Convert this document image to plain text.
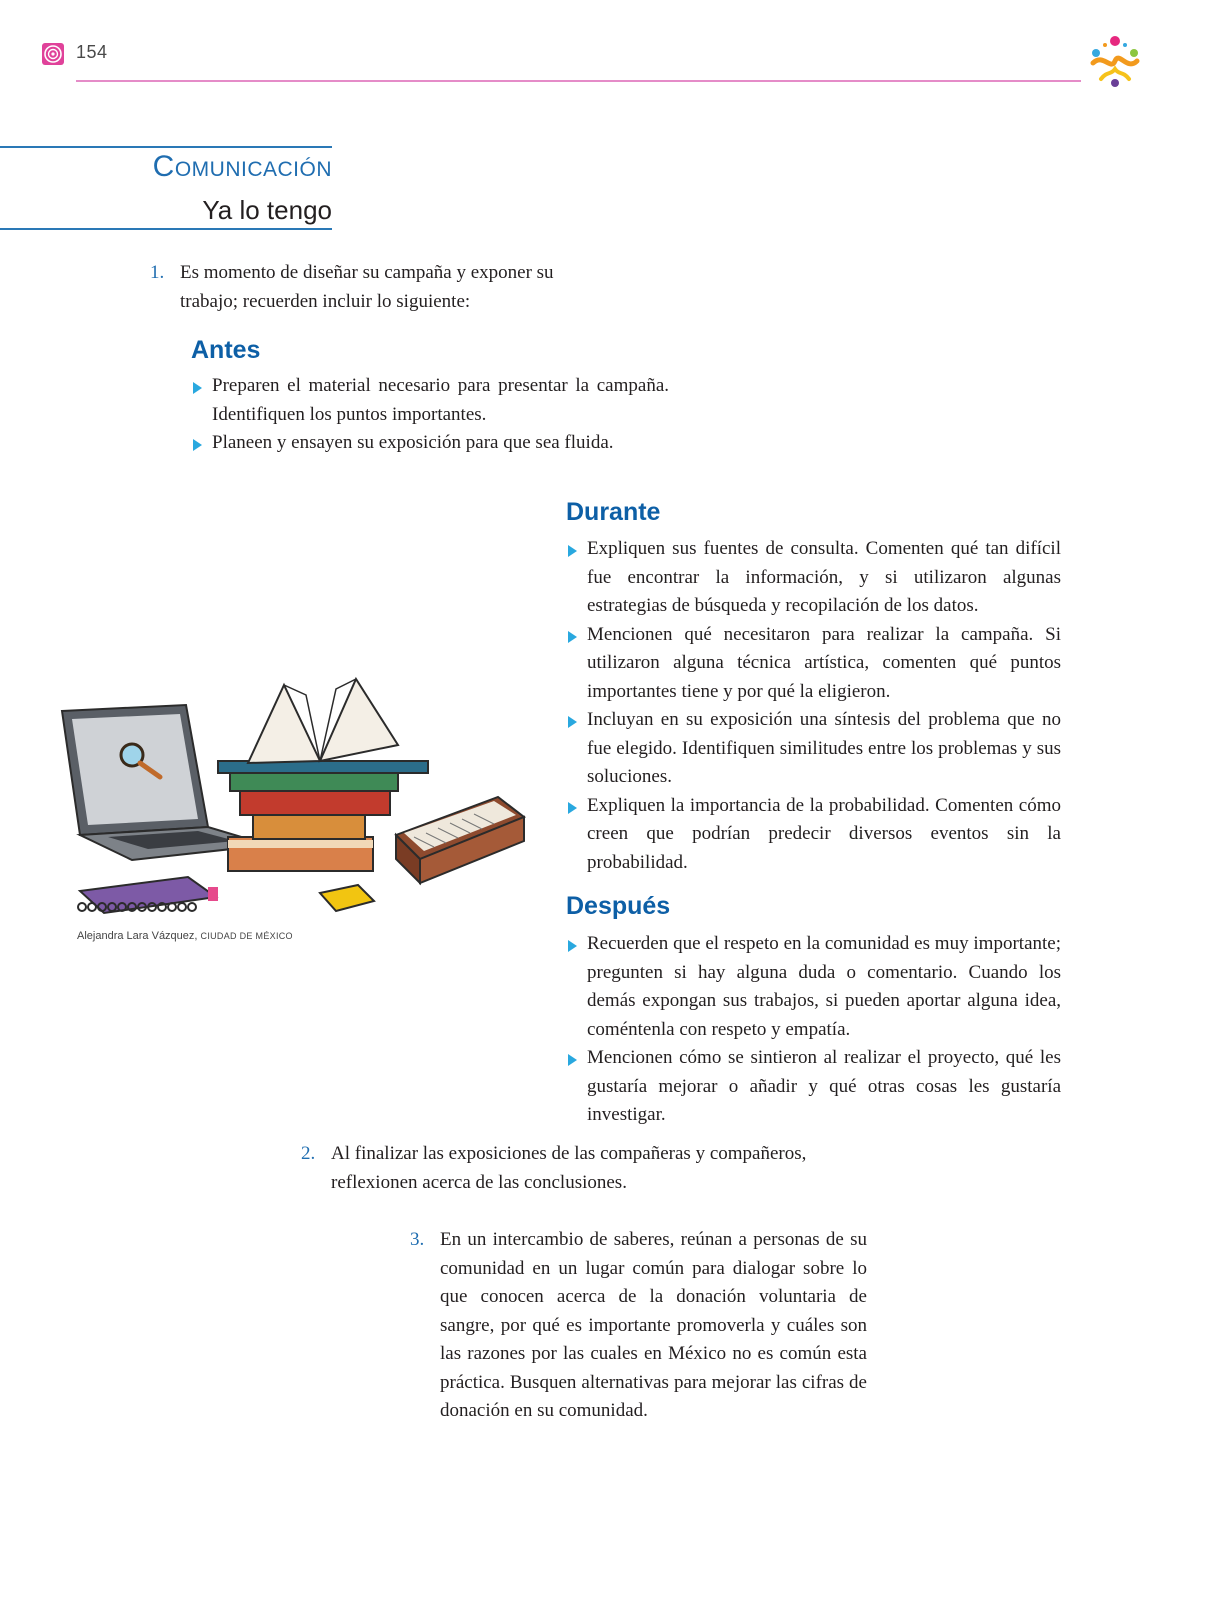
154
Comunicación
Ya lo tengo
1. Es momento de diseñar su campaña y exponer su trabajo; recuerden incluir lo siguiente:
Antes
Preparen el material necesario para presentar la campaña. Identifiquen los puntos importantes.
Planeen y ensayen su exposición para que sea fluida.
Alejandra Lara Vázquez, CIUDAD DE MÉXICO
Durante
Expliquen sus fuentes de consulta. Comenten qué tan difícil fue encontrar la información, y si utilizaron algunas estrategias de búsqueda y recopilación de los datos.
Mencionen qué necesitaron para realizar la campaña. Si utilizaron alguna técnica artística, comenten qué puntos importantes tiene y por qué la eligieron.
Incluyan en su exposición una síntesis del problema que no fue elegido. Identifiquen similitudes entre los problemas y sus soluciones.
Expliquen la importancia de la probabilidad. Comenten cómo creen que podrían predecir diversos eventos sin la probabilidad.
Después
Recuerden que el respeto en la comunidad es muy importante; pregunten si hay alguna duda o comentario. Cuando los demás expongan sus trabajos, si pueden aportar alguna idea, coméntenla con respeto y empatía.
Mencionen cómo se sintieron al realizar el proyecto, qué les gustaría mejorar o añadir y qué otras cosas les gustaría investigar.
2. Al finalizar las exposiciones de las compañeras y compañeros, reflexionen acerca de las conclusiones.
3. En un intercambio de saberes, reúnan a personas de su comunidad en un lugar común para dialogar sobre lo que conocen acerca de la donación voluntaria de sangre, por qué es importante promoverla y cuáles son las razones por las cuales en México no es común esta práctica. Busquen alternativas para mejorar las cifras de donación en su comunidad.
